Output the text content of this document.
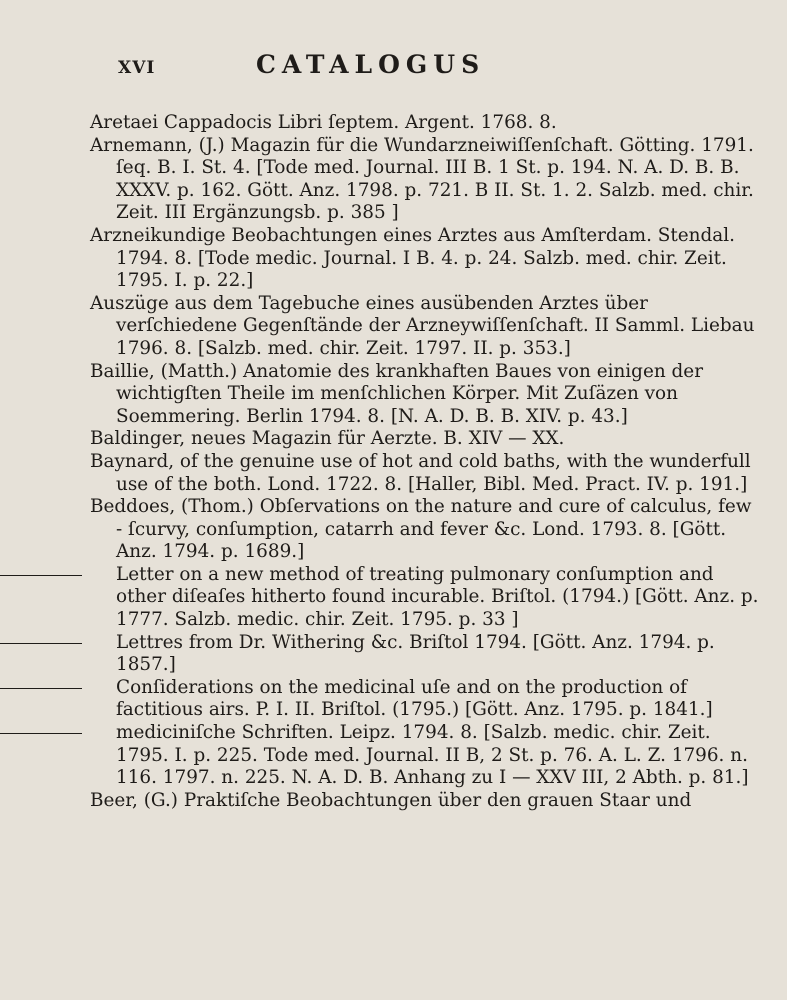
XVI	CATALOGUS

Aretaei Cappadocis Libri ſeptem. Argent. 1768. 8.

Arnemann, (J.) Magazin für die Wundarzneiwiſſenſchaft. Götting. 1791. ſeq. B. I. St. 4. [Tode med. Journal. III B. 1 St. p. 194. N. A. D. B. B. XXXV. p. 162. Gött. Anz. 1798. p. 721. B II. St. 1. 2. Salzb. med. chir. Zeit. III Ergänzungsb. p. 385 ]

Arzneikundige Beobachtungen eines Arztes aus Amſterdam. Stendal. 1794. 8. [Tode medic. Journal. I B. 4. p. 24. Salzb. med. chir. Zeit. 1795. I. p. 22.]

Auszüge aus dem Tagebuche eines ausübenden Arztes über verſchiedene Gegenſtände der Arzneywiſſenſchaft. II Samml. Liebau 1796. 8. [Salzb. med. chir. Zeit. 1797. II. p. 353.]

Baillie, (Matth.) Anatomie des krankhaften Baues von einigen der wichtigſten Theile im menſchlichen Körper. Mit Zuſäzen von Soemmering. Berlin 1794. 8. [N. A. D. B. B. XIV. p. 43.]

Baldinger, neues Magazin für Aerzte. B. XIV — XX.

Baynard, of the genuine use of hot and cold baths, with the wunderfull use of the both. Lond. 1722. 8. [Haller, Bibl. Med. Pract. IV. p. 191.]

Beddoes, (Thom.) Obſervations on the nature and cure of calculus, few - ſcurvy, conſumption, catarrh and fever &c. Lond. 1793. 8. [Gött. Anz. 1794. p. 1689.]

Letter on a new method of treating pulmonary conſumption and other diſeaſes hitherto found incurable. Briſtol. (1794.) [Gött. Anz. p. 1777. Salzb. medic. chir. Zeit. 1795. p. 33 ]

Lettres from Dr. Withering &c. Briſtol 1794. [Gött. Anz. 1794. p. 1857.]

Conſiderations on the medicinal uſe and on the production of factitious airs. P. I. II. Briſtol. (1795.) [Gött. Anz. 1795. p. 1841.]

mediciniſche Schriften. Leipz. 1794. 8. [Salzb. medic. chir. Zeit. 1795. I. p. 225. Tode med. Journal. II B, 2 St. p. 76. A. L. Z. 1796. n. 116. 1797. n. 225. N. A. D. B. Anhang zu I — XXV III, 2 Abth. p. 81.]

Beer, (G.) Praktiſche Beobachtungen über den grauen Staar und
